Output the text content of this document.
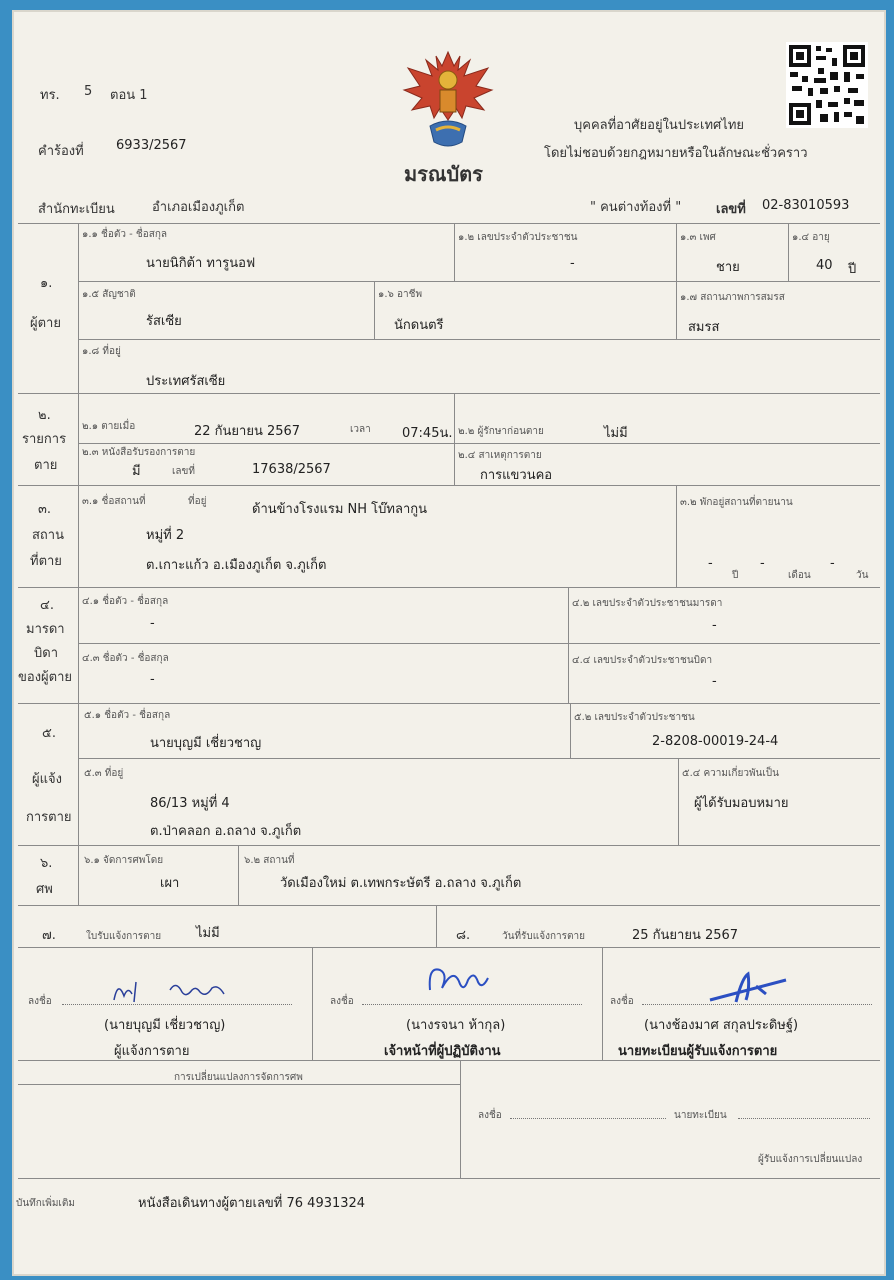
ทร. 5 ตอน 1
คำร้องที่ 6933/2567
มรณบัตร
บุคคลที่อาศัยอยู่ในประเทศไทย
โดยไม่ชอบด้วยกฎหมายหรือในลักษณะชั่วคราว
สำนักทะเบียน	อำเภอเมืองภูเก็ต	" คนต่างท้องที่ "	เลขที่ 02-83010593
๑.
ผู้ตาย
๑.๑ ชื่อตัว - ชื่อสกุล
นายนิกิต้า ทารูนอฟ
๑.๒ เลขประจำตัวประชาชน
-
๑.๓ เพศ
ชาย
๑.๔ อายุ
40 ปี
๑.๕ สัญชาติ
รัสเซีย
๑.๖ อาชีพ
นักดนตรี
๑.๗ สถานภาพการสมรส
สมรส
๑.๘ ที่อยู่
ประเทศรัสเซีย
๒.
รายการ
ตาย
๒.๑ ตายเมื่อ	22 กันยายน 2567	เวลา 07:45น. ๒.๒ ผู้รักษาก่อนตาย	ไม่มี
๒.๓ หนังสือรับรองการตาย
มี	เลขที่	17638/2567
๒.๔ สาเหตุการตาย
การแขวนคอ
๓.
สถาน
ที่ตาย
๓.๑ ชื่อสถานที่	ที่อยู่
ด้านข้างโรงแรม NH โบ๊ทลากูน
หมู่ที่ 2
ต.เกาะแก้ว อ.เมืองภูเก็ต จ.ภูเก็ต
๓.๒ พักอยู่สถานที่ตายนาน
-
ปี
-
เดือน
-
วัน
๔.
มารดา
บิดา
ของผู้ตาย
๔.๑ ชื่อตัว - ชื่อสกุล
-
๔.๒ เลขประจำตัวประชาชนมารดา
-
๔.๓ ชื่อตัว - ชื่อสกุล
-
๔.๔ เลขประจำตัวประชาชนบิดา
-
๕.
ผู้แจ้ง
การตาย
๕.๑ ชื่อตัว - ชื่อสกุล
นายบุญมี เชี่ยวชาญ
๕.๒ เลขประจำตัวประชาชน
2-8208-00019-24-4
๕.๓ ที่อยู่
86/13 หมู่ที่ 4
ต.ป่าคลอก อ.ถลาง จ.ภูเก็ต
๕.๔ ความเกี่ยวพันเป็น
ผู้ได้รับมอบหมาย
๖.
ศพ
๖.๑ จัดการศพโดย
เผา
๖.๒ สถานที่
วัดเมืองใหม่ ต.เทพกระษัตรี อ.ถลาง จ.ภูเก็ต
๗.	ใบรับแจ้งการตาย	ไม่มี	๘.	วันที่รับแจ้งการตาย	25 กันยายน 2567
ลงชื่อ
(นายบุญมี เชี่ยวชาญ)
ผู้แจ้งการตาย
ลงชื่อ
(นางรจนา ห้ากุล)
เจ้าหน้าที่ผู้ปฏิบัติงาน
ลงชื่อ
(นางช้องมาศ สกุลประดิษฐ์)
นายทะเบียนผู้รับแจ้งการตาย
การเปลี่ยนแปลงการจัดการศพ
ลงชื่อ	นายทะเบียน
ผู้รับแจ้งการเปลี่ยนแปลง
บันทึกเพิ่มเติม	หนังสือเดินทางผู้ตายเลขที่ 76 4931324
